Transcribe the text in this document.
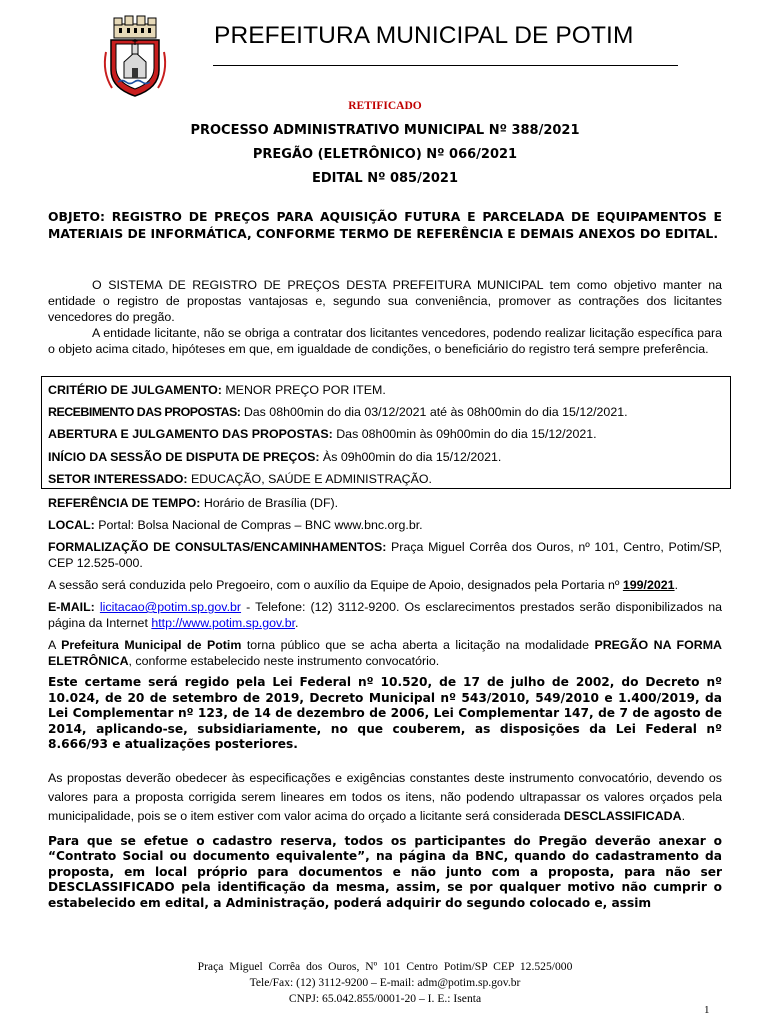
PREFEITURA MUNICIPAL DE POTIM
RETIFICADO
PROCESSO ADMINISTRATIVO MUNICIPAL Nº 388/2021
PREGÃO (ELETRÔNICO) Nº 066/2021
EDITAL Nº 085/2021
OBJETO: REGISTRO DE PREÇOS PARA AQUISIÇÃO FUTURA E PARCELADA DE EQUIPAMENTOS E MATERIAIS DE INFORMÁTICA, CONFORME TERMO DE REFERÊNCIA E DEMAIS ANEXOS DO EDITAL.

O SISTEMA DE REGISTRO DE PREÇOS DESTA PREFEITURA MUNICIPAL tem como objetivo manter na entidade o registro de propostas vantajosas e, segundo sua conveniência, promover as contrações dos licitantes vencedores do pregão.

A entidade licitante, não se obriga a contratar dos licitantes vencedores, podendo realizar licitação específica para o objeto acima citado, hipóteses em que, em igualdade de condições, o beneficiário do registro terá sempre preferência.

CRITÉRIO DE JULGAMENTO: MENOR PREÇO POR ITEM.
RECEBIMENTO DAS PROPOSTAS: Das 08h00min do dia 03/12/2021 até às 08h00min do dia 15/12/2021.
ABERTURA E JULGAMENTO DAS PROPOSTAS: Das 08h00min às 09h00min do dia 15/12/2021.
INÍCIO DA SESSÃO DE DISPUTA DE PREÇOS: Às 09h00min do dia 15/12/2021.
SETOR INTERESSADO: EDUCAÇÃO, SAÚDE E ADMINISTRAÇÃO.

REFERÊNCIA DE TEMPO: Horário de Brasília (DF).

LOCAL: Portal: Bolsa Nacional de Compras – BNC www.bnc.org.br.

FORMALIZAÇÃO DE CONSULTAS/ENCAMINHAMENTOS: Praça Miguel Corrêa dos Ouros, nº 101, Centro, Potim/SP, CEP 12.525-000.

A sessão será conduzida pelo Pregoeiro, com o auxílio da Equipe de Apoio, designados pela Portaria nº 199/2021.

E-MAIL: licitacao@potim.sp.gov.br - Telefone: (12) 3112-9200. Os esclarecimentos prestados serão disponibilizados na página da Internet http://www.potim.sp.gov.br.

A Prefeitura Municipal de Potim torna público que se acha aberta a licitação na modalidade PREGÃO NA FORMA ELETRÔNICA, conforme estabelecido neste instrumento convocatório.

Este certame será regido pela Lei Federal nº 10.520, de 17 de julho de 2002, do Decreto nº 10.024, de 20 de setembro de 2019, Decreto Municipal nº 543/2010, 549/2010 e 1.400/2019, da Lei Complementar nº 123, de 14 de dezembro de 2006, Lei Complementar 147, de 7 de agosto de 2014, aplicando-se, subsidiariamente, no que couberem, as disposições da Lei Federal nº 8.666/93 e atualizações posteriores.

As propostas deverão obedecer às especificações e exigências constantes deste instrumento convocatório, devendo os valores para a proposta corrigida serem lineares em todos os itens, não podendo ultrapassar os valores orçados pela municipalidade, pois se o item estiver com valor acima do orçado a licitante será considerada DESCLASSIFICADA.

Para que se efetue o cadastro reserva, todos os participantes do Pregão deverão anexar o “Contrato Social ou documento equivalente”, na página da BNC, quando do cadastramento da proposta, em local próprio para documentos e não junto com a proposta, para não ser DESCLASSIFICADO pela identificação da mesma, assim, se por qualquer motivo não cumprir o estabelecido em edital, a Administração, poderá adquirir do segundo colocado e, assim

Praça Miguel Corrêa dos Ouros, Nº 101 Centro Potim/SP CEP 12.525/000
Tele/Fax: (12) 3112-9200 – E-mail: adm@potim.sp.gov.br
CNPJ: 65.042.855/0001-20 – I. E.: Isenta
1
